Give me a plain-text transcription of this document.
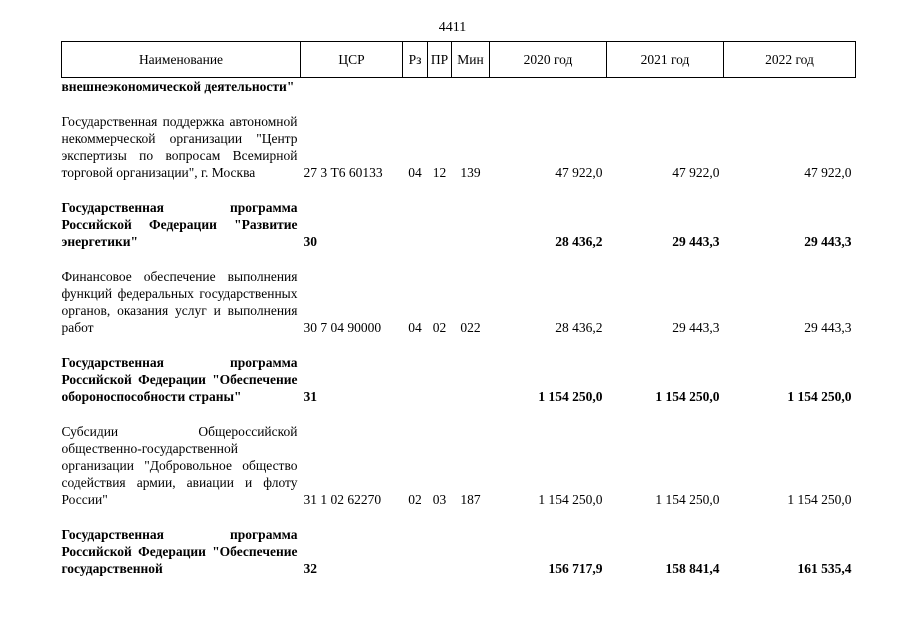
4411
Наименование	ЦСР	Рз	ПР	Мин	2020 год	2021 год	2022 год
внешнеэкономической деятельности"							
Государственная поддержка автономной некоммерческой организации "Центр экспертизы по вопросам Всемирной торговой организации", г. Москва	27 3 Т6 60133	04	12	139	47 922,0	47 922,0	47 922,0
Государственная программа Российской Федерации "Развитие энергетики"	30				28 436,2	29 443,3	29 443,3
Финансовое обеспечение выполнения функций федеральных государственных органов, оказания услуг и выполнения работ	30 7 04 90000	04	02	022	28 436,2	29 443,3	29 443,3
Государственная программа Российской Федерации "Обеспечение обороноспособности страны"	31				1 154 250,0	1 154 250,0	1 154 250,0
Субсидии Общероссийской общественно-государственной организации "Добровольное общество содействия армии, авиации и флоту России"	31 1 02 62270	02	03	187	1 154 250,0	1 154 250,0	1 154 250,0
Государственная программа Российской Федерации "Обеспечение государственной	32				156 717,9	158 841,4	161 535,4
